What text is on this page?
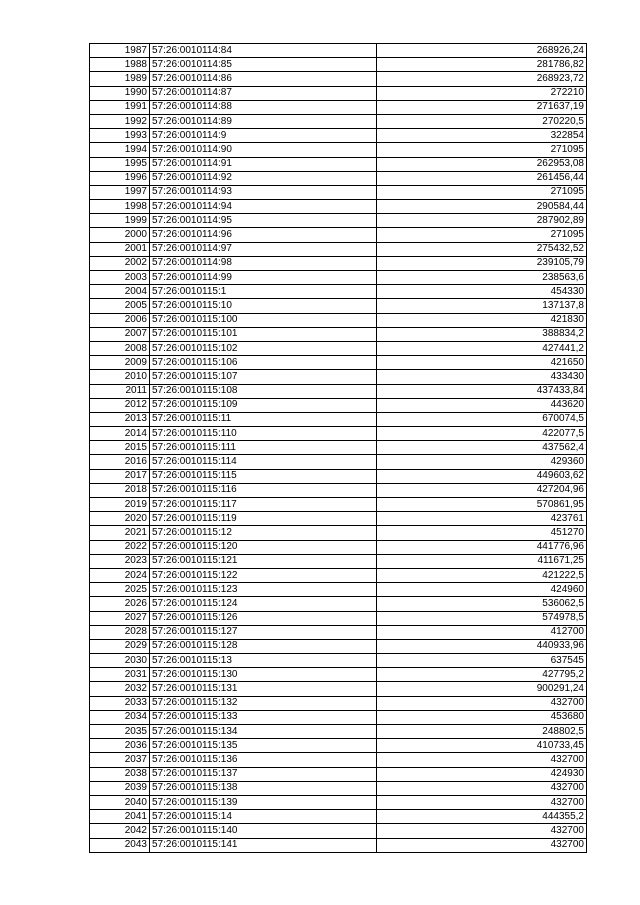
1987	57:26:0010114:84	268926,24
1988	57:26:0010114:85	281786,82
1989	57:26:0010114:86	268923,72
1990	57:26:0010114:87	272210
1991	57:26:0010114:88	271637,19
1992	57:26:0010114:89	270220,5
1993	57:26:0010114:9	322854
1994	57:26:0010114:90	271095
1995	57:26:0010114:91	262953,08
1996	57:26:0010114:92	261456,44
1997	57:26:0010114:93	271095
1998	57:26:0010114:94	290584,44
1999	57:26:0010114:95	287902,89
2000	57:26:0010114:96	271095
2001	57:26:0010114:97	275432,52
2002	57:26:0010114:98	239105,79
2003	57:26:0010114:99	238563,6
2004	57:26:0010115:1	454330
2005	57:26:0010115:10	137137,8
2006	57:26:0010115:100	421830
2007	57:26:0010115:101	388834,2
2008	57:26:0010115:102	427441,2
2009	57:26:0010115:106	421650
2010	57:26:0010115:107	433430
2011	57:26:0010115:108	437433,84
2012	57:26:0010115:109	443620
2013	57:26:0010115:11	670074,5
2014	57:26:0010115:110	422077,5
2015	57:26:0010115:111	437562,4
2016	57:26:0010115:114	429360
2017	57:26:0010115:115	449603,62
2018	57:26:0010115:116	427204,96
2019	57:26:0010115:117	570861,95
2020	57:26:0010115:119	423761
2021	57:26:0010115:12	451270
2022	57:26:0010115:120	441776,96
2023	57:26:0010115:121	411671,25
2024	57:26:0010115:122	421222,5
2025	57:26:0010115:123	424960
2026	57:26:0010115:124	536062,5
2027	57:26:0010115:126	574978,5
2028	57:26:0010115:127	412700
2029	57:26:0010115:128	440933,96
2030	57:26:0010115:13	637545
2031	57:26:0010115:130	427795,2
2032	57:26:0010115:131	900291,24
2033	57:26:0010115:132	432700
2034	57:26:0010115:133	453680
2035	57:26:0010115:134	248802,5
2036	57:26:0010115:135	410733,45
2037	57:26:0010115:136	432700
2038	57:26:0010115:137	424930
2039	57:26:0010115:138	432700
2040	57:26:0010115:139	432700
2041	57:26:0010115:14	444355,2
2042	57:26:0010115:140	432700
2043	57:26:0010115:141	432700
